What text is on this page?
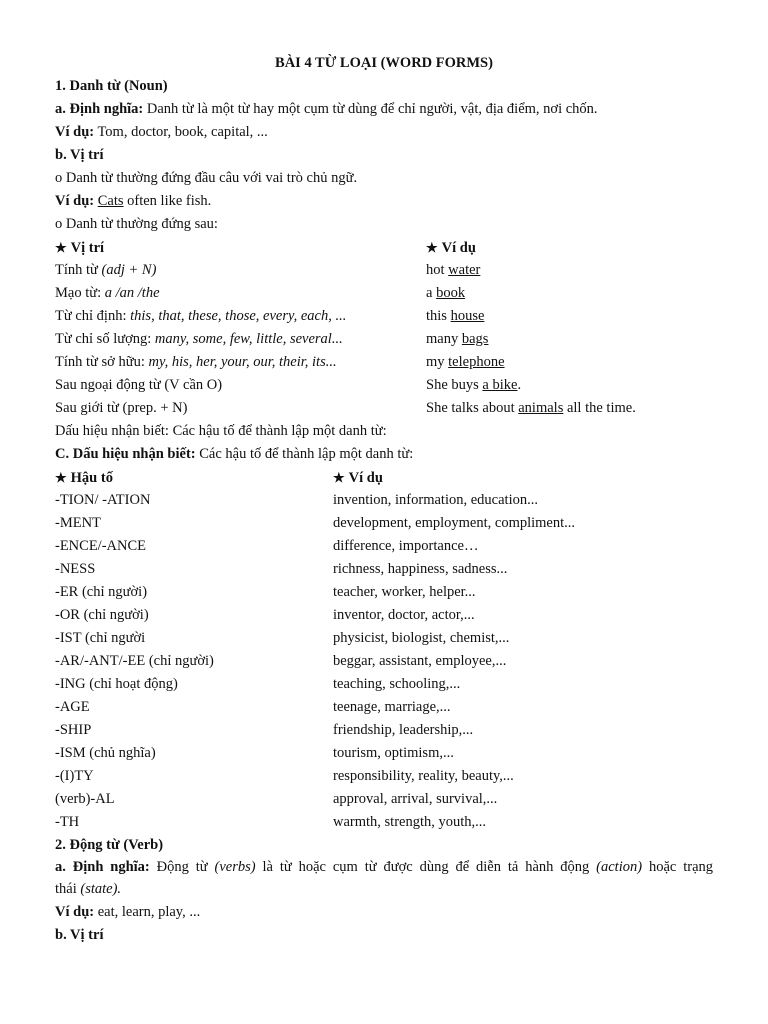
BÀI 4 TỪ LOẠI (WORD FORMS)
1. Danh từ (Noun)
a. Định nghĩa: Danh từ là một từ hay một cụm từ dùng để chỉ người, vật, địa điểm, nơi chốn.
Ví dụ: Tom, doctor, book, capital, ...
b. Vị trí
o Danh từ thường đứng đầu câu với vai trò chủ ngữ.
Ví dụ: Cats often like fish.
o Danh từ thường đứng sau:
★ Vị trí	★ Ví dụ
Tính từ (adj + N)	hot water
Mạo từ: a /an /the	a book
Từ chỉ định: this, that, these, those, every, each, ...	this house
Từ chỉ số lượng: many, some, few, little, several...	many bags
Tính từ sở hữu: my, his, her, your, our, their, its...	my telephone
Sau ngoại động từ (V cần O)	She buys a bike.
Sau giới từ (prep. + N)	She talks about animals all the time.
Dấu hiệu nhận biết: Các hậu tố để thành lập một danh từ:
C. Dấu hiệu nhận biết: Các hậu tố để thành lập một danh từ:
★ Hậu tố	★ Ví dụ
-TION/ -ATION	invention, information, education...
-MENT	development, employment, compliment...
-ENCE/-ANCE	difference, importance…
-NESS	richness, happiness, sadness...
-ER (chỉ người)	teacher, worker, helper...
-OR (chỉ người)	inventor, doctor, actor,...
-IST (chỉ người	physicist, biologist, chemist,...
-AR/-ANT/-EE (chỉ người)	beggar, assistant, employee,...
-ING (chỉ hoạt động)	teaching, schooling,...
-AGE	teenage, marriage,...
-SHIP	friendship, leadership,...
-ISM (chủ nghĩa)	tourism, optimism,...
-(I)TY	responsibility, reality, beauty,...
(verb)-AL	approval, arrival, survival,...
-TH	warmth, strength, youth,...
2. Động từ (Verb)
a. Định nghĩa: Động từ (verbs) là từ hoặc cụm từ được dùng để diễn tả hành động (action) hoặc trạng
thái (state).
Ví dụ: eat, learn, play, ...
b. Vị trí
